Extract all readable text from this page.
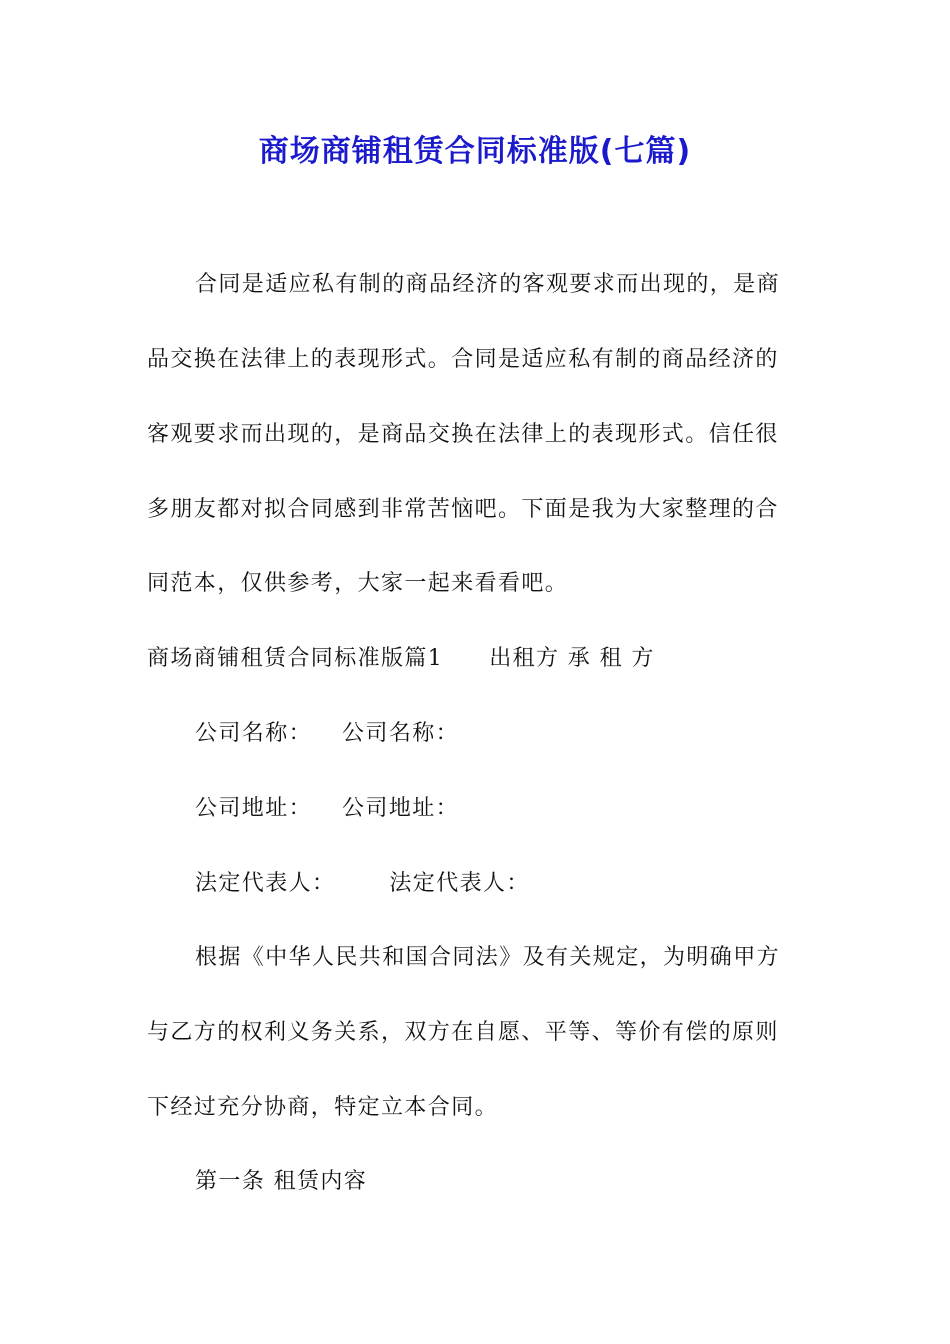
商场商铺租赁合同标准版(七篇)
合同是适应私有制的商品经济的客观要求而出现的，是商
品交换在法律上的表现形式。合同是适应私有制的商品经济的
客观要求而出现的，是商品交换在法律上的表现形式。信任很
多朋友都对拟合同感到非常苦恼吧。下面是我为大家整理的合
同范本，仅供参考，大家一起来看看吧。
商场商铺租赁合同标准版篇1 出租方 承 租 方
公司名称： 公司名称：
公司地址： 公司地址：
法定代表人： 法定代表人：
根据《中华人民共和国合同法》及有关规定，为明确甲方
与乙方的权利义务关系，双方在自愿、平等、等价有偿的原则
下经过充分协商，特定立本合同。
第一条 租赁内容
